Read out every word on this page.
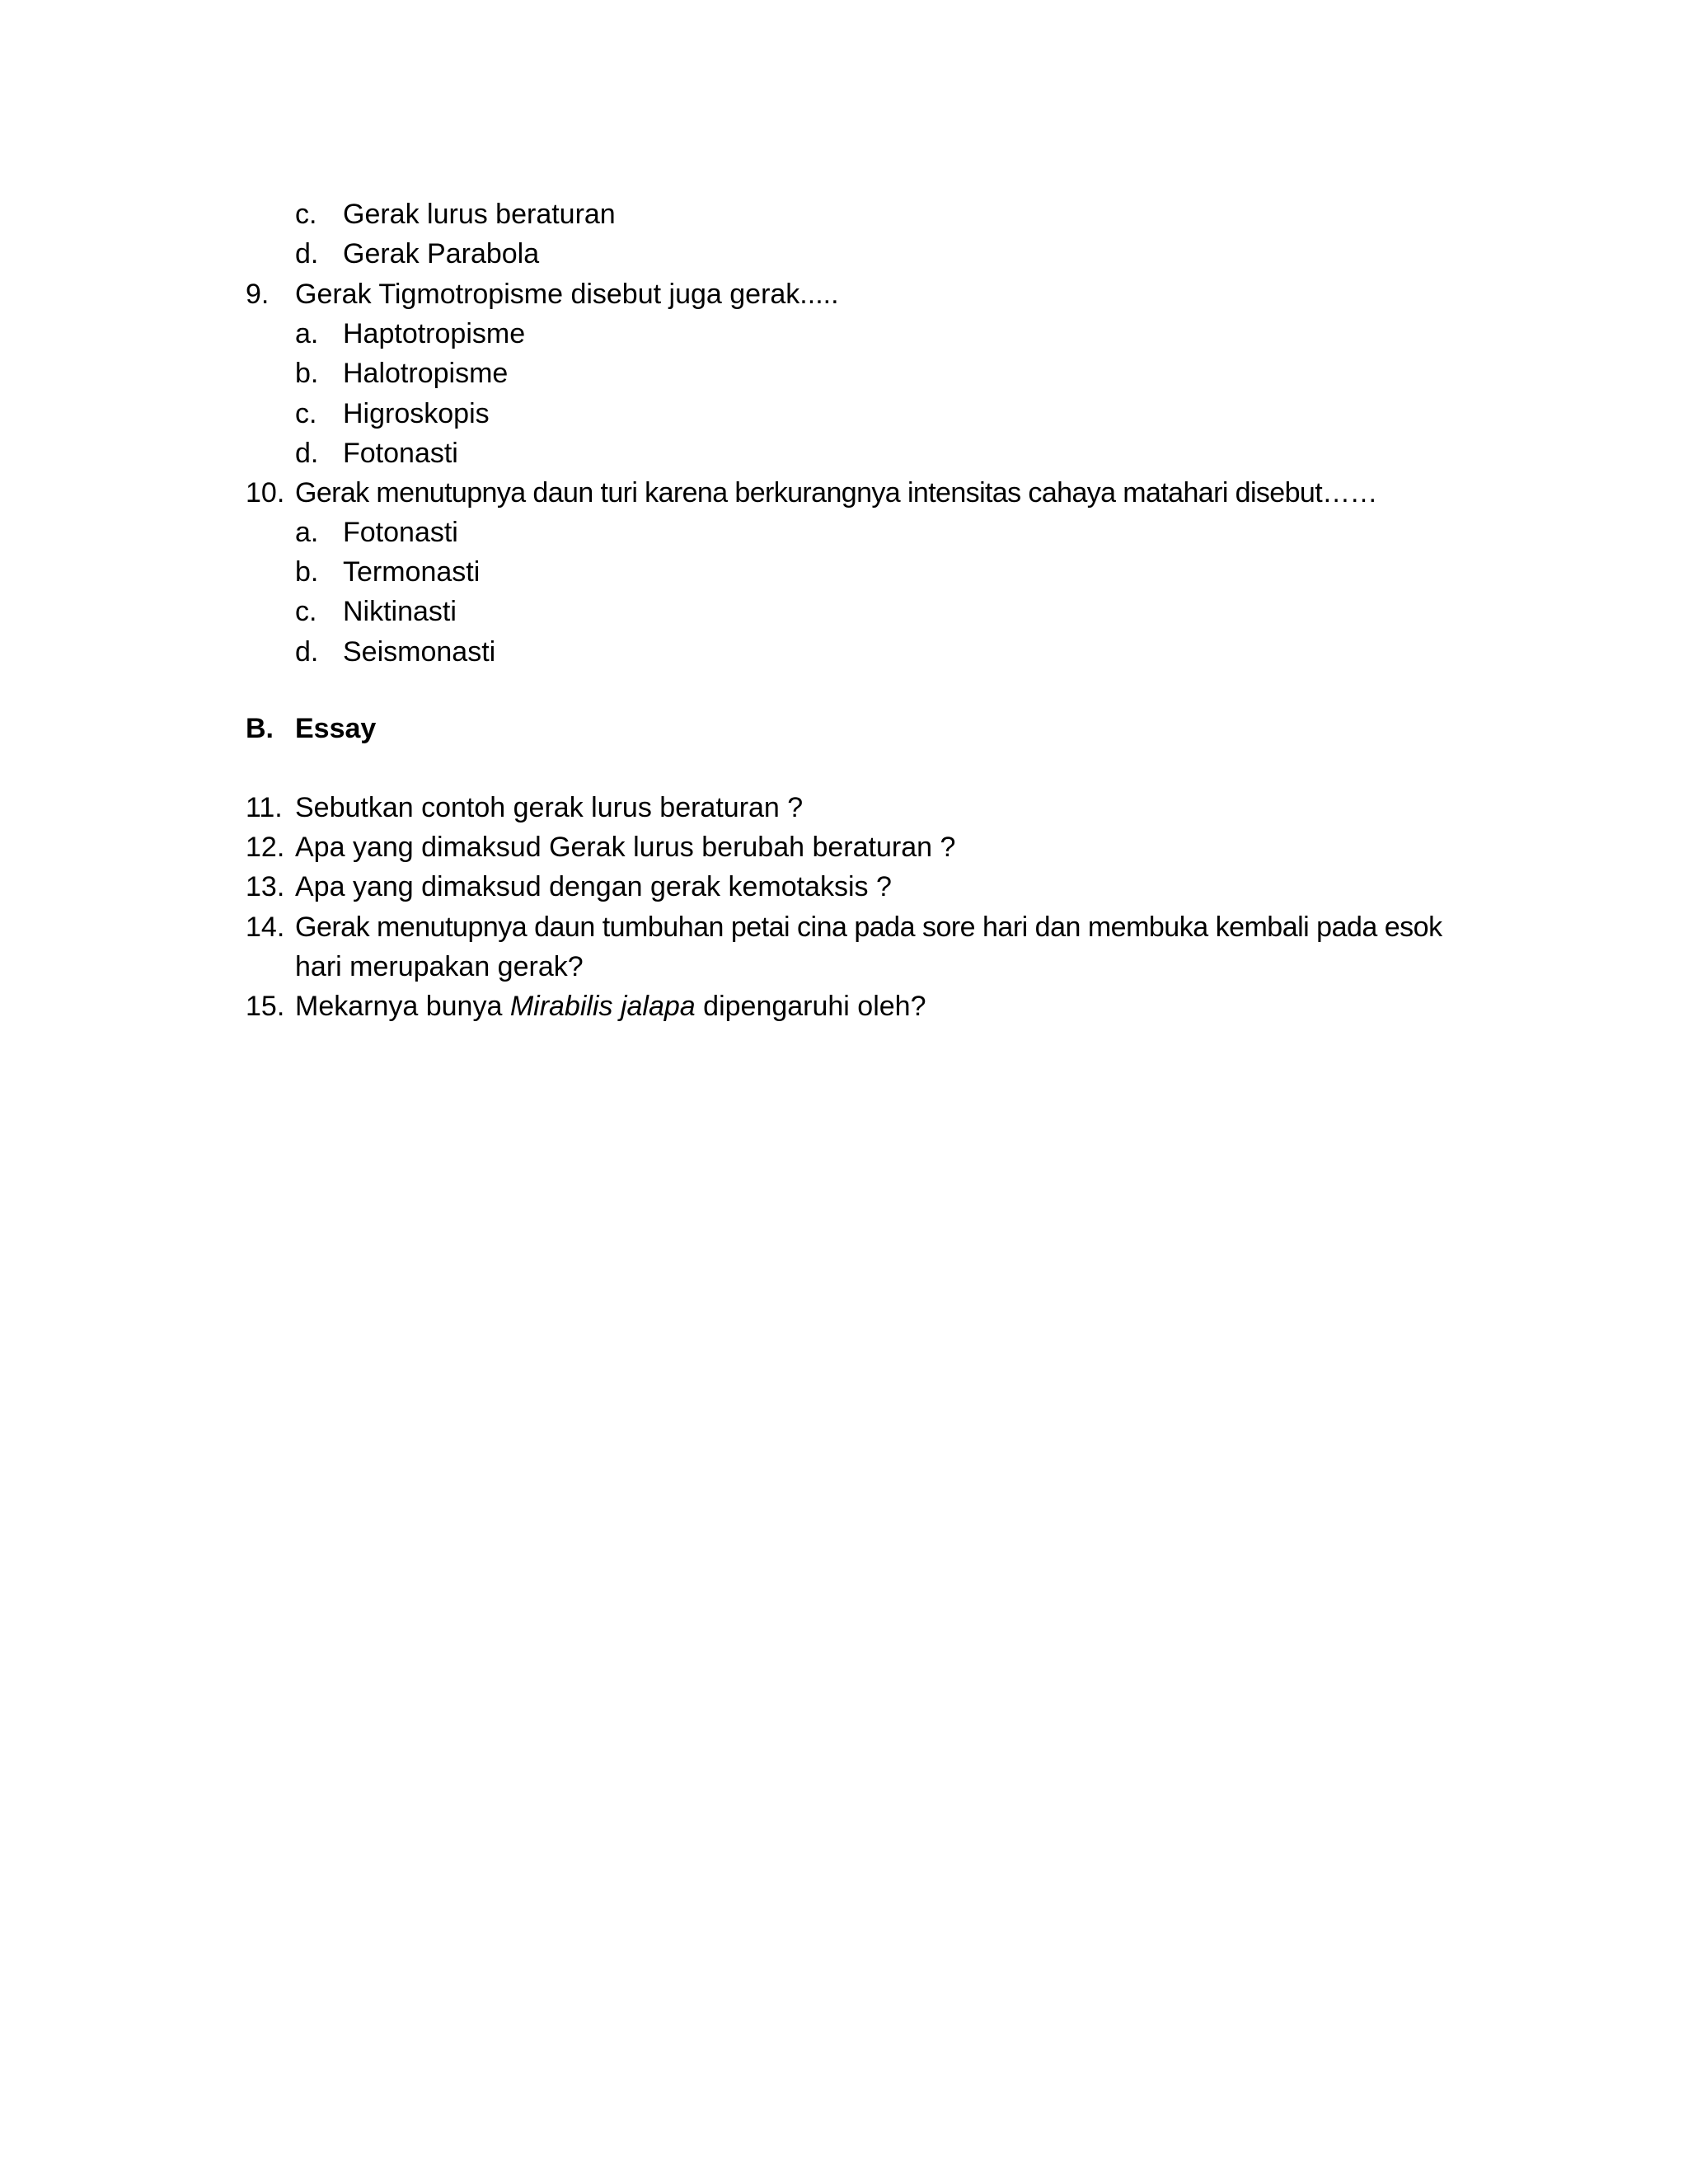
c. Gerak lurus beraturan
d. Gerak Parabola
9. Gerak Tigmotropisme disebut juga gerak.....
a. Haptotropisme
b. Halotropisme
c. Higroskopis
d. Fotonasti
10. Gerak menutupnya daun turi karena berkurangnya intensitas cahaya matahari disebut……
a. Fotonasti
b. Termonasti
c. Niktinasti
d. Seismonasti
B. Essay
11. Sebutkan contoh gerak lurus beraturan ?
12. Apa yang dimaksud Gerak lurus berubah beraturan ?
13. Apa yang dimaksud dengan gerak kemotaksis ?
14. Gerak menutupnya daun tumbuhan petai cina pada sore hari dan membuka kembali pada esok
hari merupakan gerak?
15. Mekarnya bunya Mirabilis jalapa dipengaruhi oleh?
